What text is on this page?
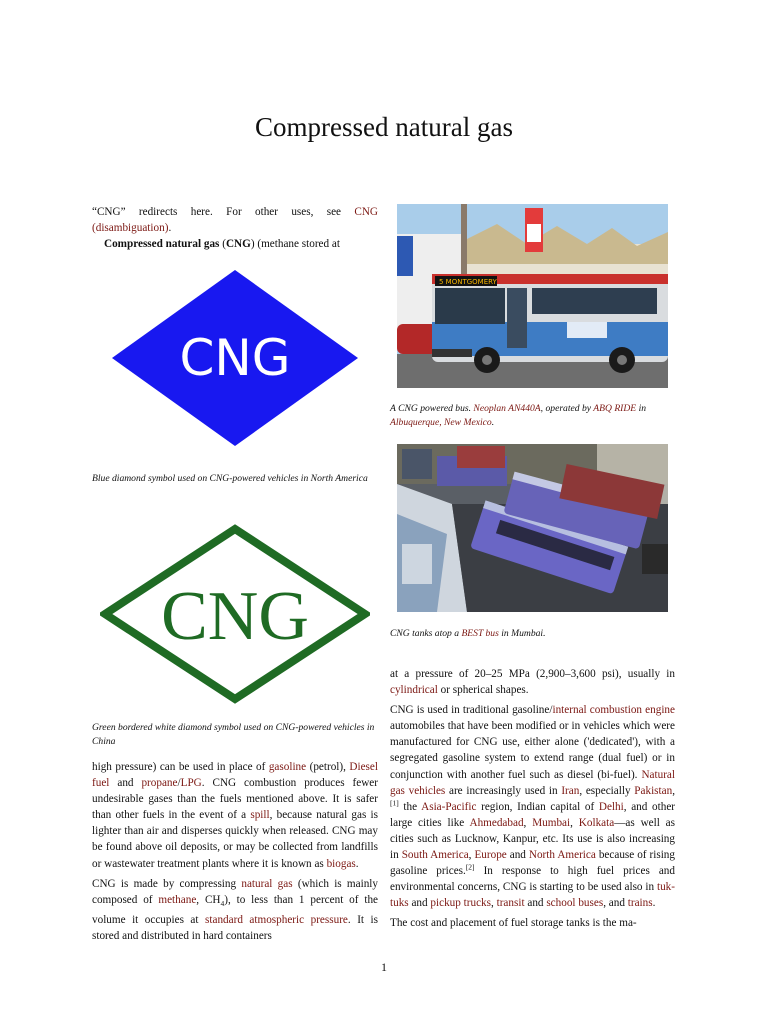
Compressed natural gas

“CNG” redirects here. For other uses, see CNG (disambiguation).

Compressed natural gas (CNG) (methane stored at

CNG
Blue diamond symbol used on CNG-powered vehicles in North America
CNG
Green bordered white diamond symbol used on CNG-powered vehicles in China

high pressure) can be used in place of gasoline (petrol), Diesel fuel and propane/LPG. CNG combustion produces fewer undesirable gases than the fuels mentioned above. It is safer than other fuels in the event of a spill, because natural gas is lighter than air and disperses quickly when released. CNG may be found above oil deposits, or may be collected from landfills or wastewater treatment plants where it is known as biogas.

CNG is made by compressing natural gas (which is mainly composed of methane, $CH_4$), to less than 1 percent of the volume it occupies at standard atmospheric pressure. It is stored and distributed in hard containers

5 MONTGOMERY
A CNG powered bus. Neoplan AN440A, operated by ABQ RIDE in Albuquerque, New Mexico.
CNG tanks atop a BEST bus in Mumbai.

at a pressure of 20–25 MPa (2,900–3,600 psi), usually in cylindrical or spherical shapes.

CNG is used in traditional gasoline/internal combustion engine automobiles that have been modified or in vehicles which were manufactured for CNG use, either alone ('dedicated'), with a segregated gasoline system to extend range (dual fuel) or in conjunction with another fuel such as diesel (bi-fuel). Natural gas vehicles are increasingly used in Iran, especially Pakistan,[1] the Asia-Pacific region, Indian capital of Delhi, and other large cities like Ahmedabad, Mumbai, Kolkata—as well as cities such as Lucknow, Kanpur, etc. Its use is also increasing in South America, Europe and North America because of rising gasoline prices.[2] In response to high fuel prices and environmental concerns, CNG is starting to be used also in tuk-tuks and pickup trucks, transit and school buses, and trains.

The cost and placement of fuel storage tanks is the ma-

1
